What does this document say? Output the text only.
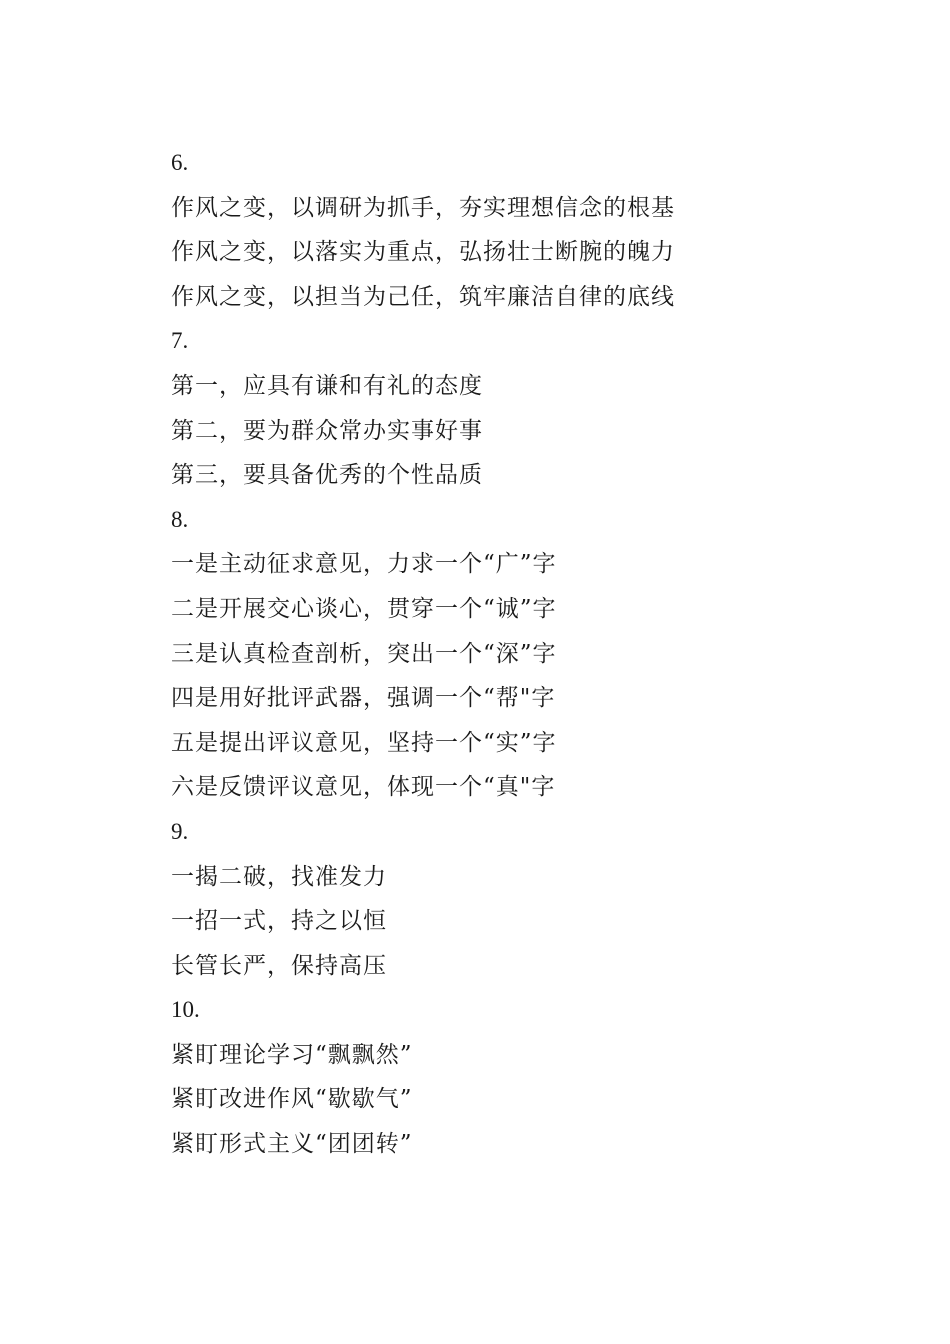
6.
作风之变，以调研为抓手，夯实理想信念的根基
作风之变，以落实为重点，弘扬壮士断腕的魄力
作风之变，以担当为己任，筑牢廉洁自律的底线
7.
第一，应具有谦和有礼的态度
第二，要为群众常办实事好事
第三，要具备优秀的个性品质
8.
一是主动征求意见，力求一个“广”字
二是开展交心谈心，贯穿一个“诚”字
三是认真检查剖析，突出一个“深”字
四是用好批评武器，强调一个“帮"字
五是提出评议意见，坚持一个“实”字
六是反馈评议意见，体现一个“真"字
9.
一揭二破，找准发力
一招一式，持之以恒
长管长严，保持高压
10.
紧盯理论学习“飘飘然”
紧盯改进作风“歇歇气”
紧盯形式主义“团团转”
